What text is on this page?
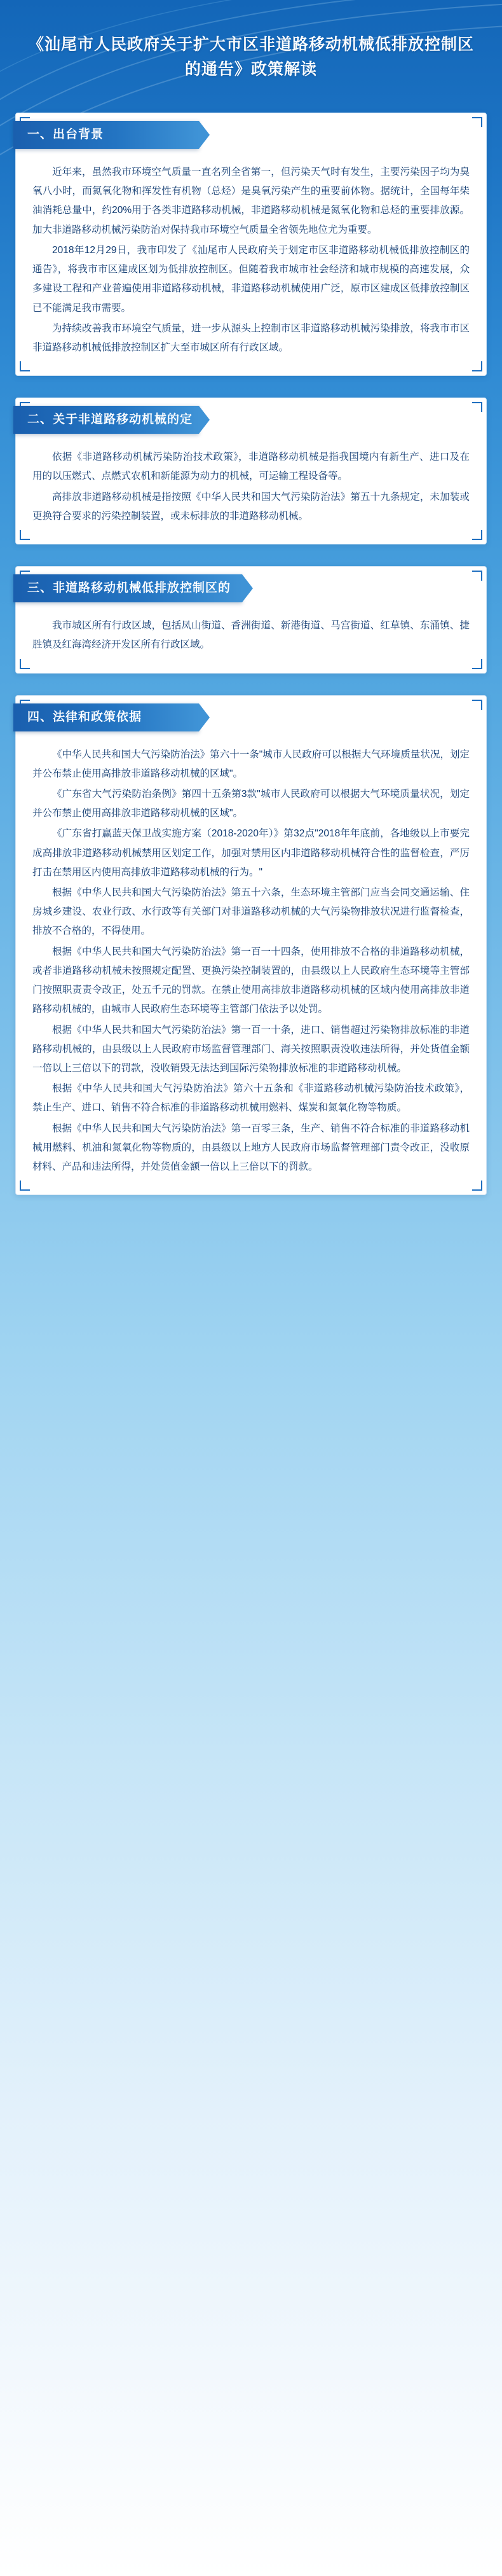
《汕尾市人民政府关于扩大市区非道路移动机械低排放控制区的通告》政策解读
一、出台背景

近年来，虽然我市环境空气质量一直名列全省第一，但污染天气时有发生，主要污染因子均为臭氧八小时，而氮氧化物和挥发性有机物（总烃）是臭氧污染产生的重要前体物。据统计，全国每年柴油消耗总量中，约20%用于各类非道路移动机械，非道路移动机械是氮氧化物和总烃的重要排放源。加大非道路移动机械污染防治对保持我市环境空气质量全省领先地位尤为重要。

2018年12月29日，我市印发了《汕尾市人民政府关于划定市区非道路移动机械低排放控制区的通告》，将我市市区建成区划为低排放控制区。但随着我市城市社会经济和城市规模的高速发展，众多建设工程和产业普遍使用非道路移动机械，非道路移动机械使用广泛，原市区建成区低排放控制区已不能满足我市需要。

为持续改善我市环境空气质量，进一步从源头上控制市区非道路移动机械污染排放，将我市市区非道路移动机械低排放控制区扩大至市城区所有行政区域。

二、关于非道路移动机械的定义

依据《非道路移动机械污染防治技术政策》，非道路移动机械是指我国境内有新生产、进口及在用的以压燃式、点燃式农机和新能源为动力的机械，可运输工程设备等。

高排放非道路移动机械是指按照《中华人民共和国大气污染防治法》第五十九条规定，未加装或更换符合要求的污染控制装置，或未标排放的非道路移动机械。

三、非道路移动机械低排放控制区的范围

我市城区所有行政区域，包括凤山街道、香洲街道、新港街道、马宫街道、红草镇、东涌镇、捷胜镇及红海湾经济开发区所有行政区域。

四、法律和政策依据

《中华人民共和国大气污染防治法》第六十一条"城市人民政府可以根据大气环境质量状况，划定并公布禁止使用高排放非道路移动机械的区域"。

《广东省大气污染防治条例》第四十五条第3款"城市人民政府可以根据大气环境质量状况，划定并公布禁止使用高排放非道路移动机械的区域"。

《广东省打赢蓝天保卫战实施方案（2018-2020年）》第32点"2018年年底前，各地级以上市要完成高排放非道路移动机械禁用区划定工作，加强对禁用区内非道路移动机械符合性的监督检查，严厉打击在禁用区内使用高排放非道路移动机械的行为。"

根据《中华人民共和国大气污染防治法》第五十六条，生态环境主管部门应当会同交通运输、住房城乡建设、农业行政、水行政等有关部门对非道路移动机械的大气污染物排放状况进行监督检查，排放不合格的，不得使用。

根据《中华人民共和国大气污染防治法》第一百一十四条，使用排放不合格的非道路移动机械，或者非道路移动机械未按照规定配置、更换污染控制装置的，由县级以上人民政府生态环境等主管部门按照职责责令改正，处五千元的罚款。在禁止使用高排放非道路移动机械的区域内使用高排放非道路移动机械的，由城市人民政府生态环境等主管部门依法予以处罚。

根据《中华人民共和国大气污染防治法》第一百一十条，进口、销售超过污染物排放标准的非道路移动机械的，由县级以上人民政府市场监督管理部门、海关按照职责没收违法所得，并处货值金额一倍以上三倍以下的罚款，没收销毁无法达到国际污染物排放标准的非道路移动机械。

根据《中华人民共和国大气污染防治法》第六十五条和《非道路移动机械污染防治技术政策》，禁止生产、进口、销售不符合标准的非道路移动机械用燃料、煤炭和氮氧化物等物质。

根据《中华人民共和国大气污染防治法》第一百零三条，生产、销售不符合标准的非道路移动机械用燃料、机油和氮氧化物等物质的，由县级以上地方人民政府市场监督管理部门责令改正，没收原材料、产品和违法所得，并处货值金额一倍以上三倍以下的罚款。
